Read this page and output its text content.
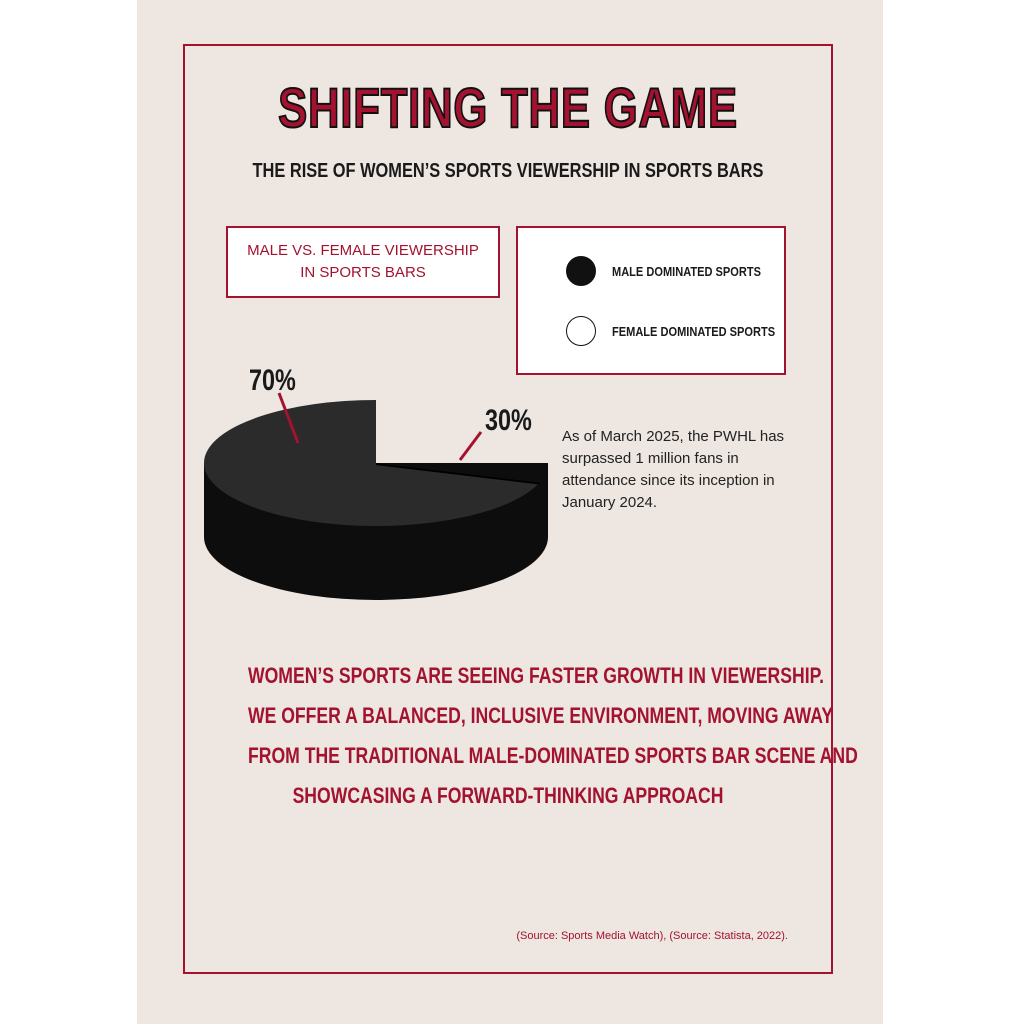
SHIFTING THE GAME
THE RISE OF WOMEN’S SPORTS VIEWERSHIP IN SPORTS BARS
MALE VS. FEMALE VIEWERSHIP
IN SPORTS BARS	MALE DOMINATED SPORTS
FEMALE DOMINATED SPORTS
70%
30% As of March 2025, the PWHL has surpassed 1 million fans in attendance since its inception in January 2024.
WOMEN’S SPORTS ARE SEEING FASTER GROWTH IN VIEWERSHIP.
WE OFFER A BALANCED, INCLUSIVE ENVIRONMENT, MOVING AWAY
FROM THE TRADITIONAL MALE-DOMINATED SPORTS BAR SCENE AND
SHOWCASING A FORWARD-THINKING APPROACH
(Source: Sports Media Watch), (Source: Statista, 2022).
